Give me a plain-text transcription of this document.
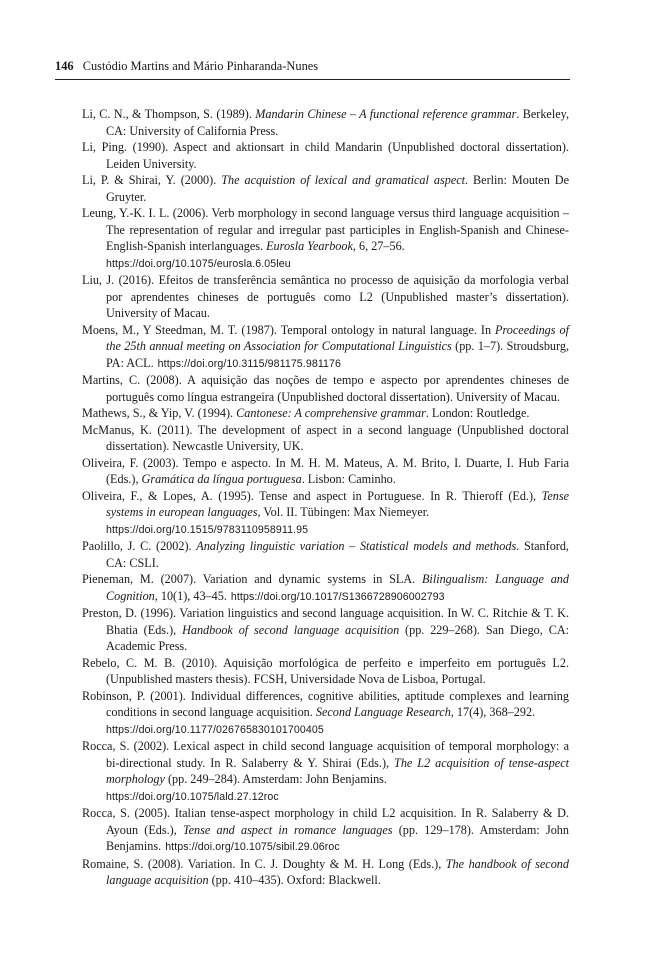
146 Custódio Martins and Mário Pinharanda-Nunes
Li, C. N., & Thompson, S. (1989). Mandarin Chinese – A functional reference grammar. Berkeley, CA: University of California Press.
Li, Ping. (1990). Aspect and aktionsart in child Mandarin (Unpublished doctoral dissertation). Leiden University.
Li, P. & Shirai, Y. (2000). The acquistion of lexical and gramatical aspect. Berlin: Mouten De Gruyter.
Leung, Y.-K. I. L. (2006). Verb morphology in second language versus third language acquisition – The representation of regular and irregular past participles in English-Spanish and Chinese-English-Spanish interlanguages. Eurosla Yearbook, 6, 27–56.
https://doi.org/10.1075/eurosla.6.05leu
Liu, J. (2016). Efeitos de transferência semântica no processo de aquisição da morfologia verbal por aprendentes chineses de português como L2 (Unpublished master’s dissertation). University of Macau.
Moens, M., Y Steedman, M. T. (1987). Temporal ontology in natural language. In Proceedings of the 25th annual meeting on Association for Computational Linguistics (pp. 1–7). Stroudsburg, PA: ACL. https://doi.org/10.3115/981175.981176
Martins, C. (2008). A aquisição das noções de tempo e aspecto por aprendentes chineses de português como língua estrangeira (Unpublished doctoral dissertation). University of Macau.
Mathews, S., & Yip, V. (1994). Cantonese: A comprehensive grammar. London: Routledge.
McManus, K. (2011). The development of aspect in a second language (Unpublished doctoral dissertation). Newcastle University, UK.
Oliveira, F. (2003). Tempo e aspecto. In M. H. M. Mateus, A. M. Brito, I. Duarte, I. Hub Faria (Eds.), Gramática da língua portuguesa. Lisbon: Caminho.
Oliveira, F., & Lopes, A. (1995). Tense and aspect in Portuguese. In R. Thieroff (Ed.), Tense systems in european languages, Vol. II. Tübingen: Max Niemeyer.
https://doi.org/10.1515/9783110958911.95
Paolillo, J. C. (2002). Analyzing linguistic variation – Statistical models and methods. Stanford, CA: CSLI.
Pieneman, M. (2007). Variation and dynamic systems in SLA. Bilingualism: Language and Cognition, 10(1), 43–45. https://doi.org/10.1017/S1366728906002793
Preston, D. (1996). Variation linguistics and second language acquisition. In W. C. Ritchie & T. K. Bhatia (Eds.), Handbook of second language acquisition (pp. 229–268). San Diego, CA: Academic Press.
Rebelo, C. M. B. (2010). Aquisição morfológica de perfeito e imperfeito em português L2. (Unpublished masters thesis). FCSH, Universidade Nova de Lisboa, Portugal.
Robinson, P. (2001). Individual differences, cognitive abilities, aptitude complexes and learning conditions in second language acquisition. Second Language Research, 17(4), 368–292.
https://doi.org/10.1177/026765830101700405
Rocca, S. (2002). Lexical aspect in child second language acquisition of temporal morphology: a bi-directional study. In R. Salaberry & Y. Shirai (Eds.), The L2 acquisition of tense-aspect morphology (pp. 249–284). Amsterdam: John Benjamins.
https://doi.org/10.1075/lald.27.12roc
Rocca, S. (2005). Italian tense-aspect morphology in child L2 acquisition. In R. Salaberry & D. Ayoun (Eds.), Tense and aspect in romance languages (pp. 129–178). Amsterdam: John Benjamins. https://doi.org/10.1075/sibil.29.06roc
Romaine, S. (2008). Variation. In C. J. Doughty & M. H. Long (Eds.), The handbook of second language acquisition (pp. 410–435). Oxford: Blackwell.
